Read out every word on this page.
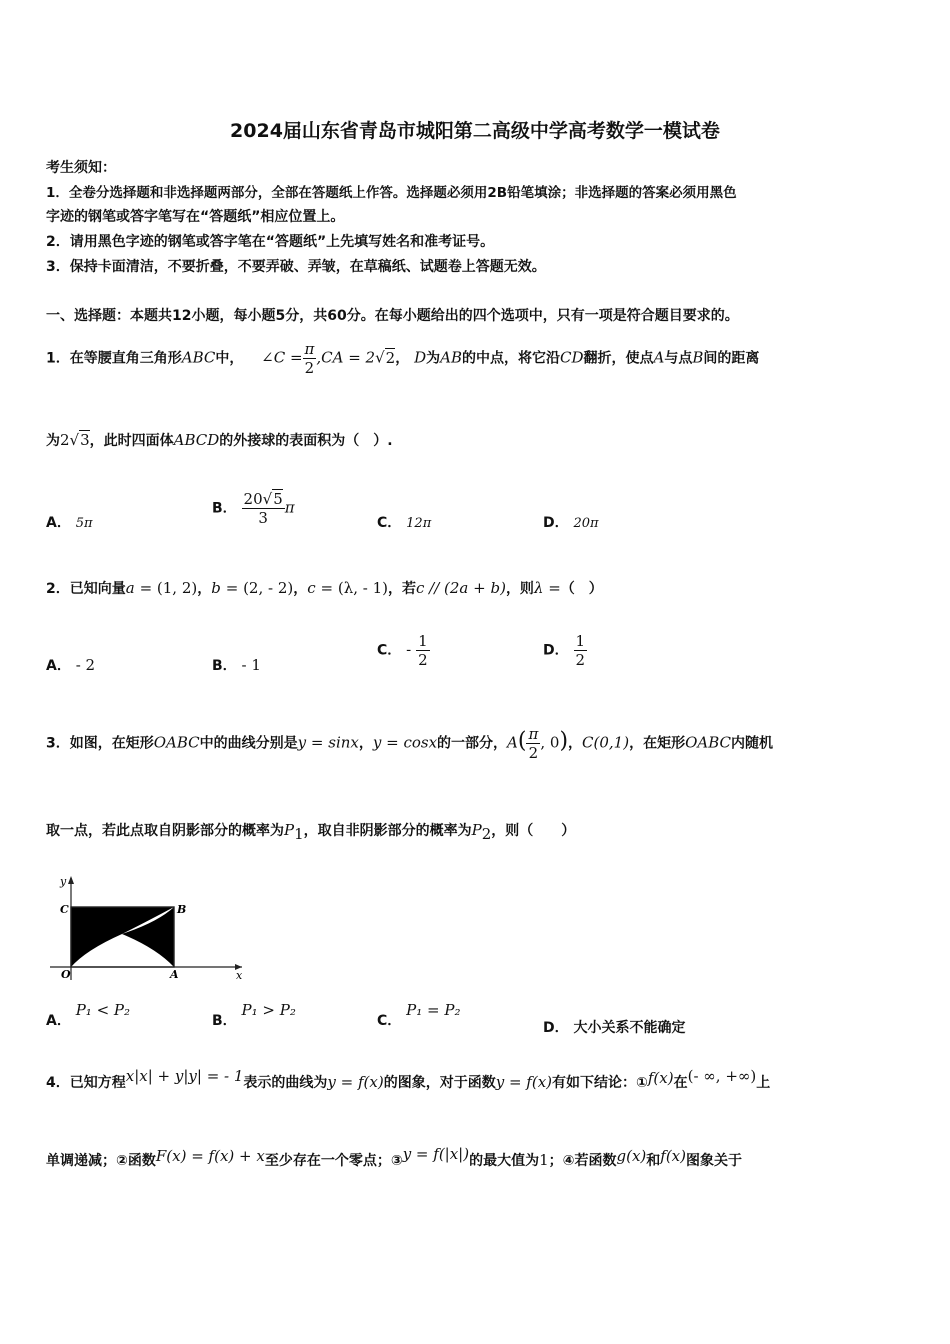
2024届山东省青岛市城阳第二高级中学高考数学一模试卷
考生须知：
1．全卷分选择题和非选择题两部分，全部在答题纸上作答。选择题必须用2B铅笔填涂；非选择题的答案必须用黑色
字迹的钢笔或答字笔写在“答题纸”相应位置上。
2．请用黑色字迹的钢笔或答字笔在“答题纸”上先填写姓名和准考证号。
3．保持卡面清洁，不要折叠，不要弄破、弄皱，在草稿纸、试题卷上答题无效。
一、选择题：本题共12小题，每小题5分，共60分。在每小题给出的四个选项中，只有一项是符合题目要求的。
1．在等腰直角三角形ABC中， ∠C = $\frac{\pi}{2} ,CA = 2√2$， D为AB的中点，将它沿CD翻折，使点A与点B间的距离
为2√3，此时四面体ABCD的外接球的表面积为（　）.
A． 5π
B． $\frac{20√5}{3}$ π
C． 12π	D． 20π
2．已知向量a = (1, 2)，b = (2, - 2)，c = (λ, - 1)，若c // (2a + b)，则λ =（　）
A． - 2	B． - 1
C． - $\frac{1}{2}$	D． $\frac{1}{2}$
3．如图，在矩形OABC中的曲线分别是y = sinx，y = cosx的一部分，$A( \frac{\pi}{2}$ , 0)，C(0,1)，在矩形OABC内随机
取一点，若此点取自阴影部分的概率为$P_1$，取自非阴影部分的概率为$P_2$，则（　　）
y
x
O	A
B
C
A． P₁ < P₂
B． P₁ > P₂
C． P₁ = P₂
D． 大小关系不能确定
4．已知方程x|x| + y|y| = - 1表示的曲线为y = f(x)的图象，对于函数y = f(x)有如下结论：①f(x)在(- ∞, +∞)上
单调递减；②函数F(x) = f(x) + x至少存在一个零点；③y = f(|x|)的最大值为1；④若函数g(x)和f(x)图象关于
